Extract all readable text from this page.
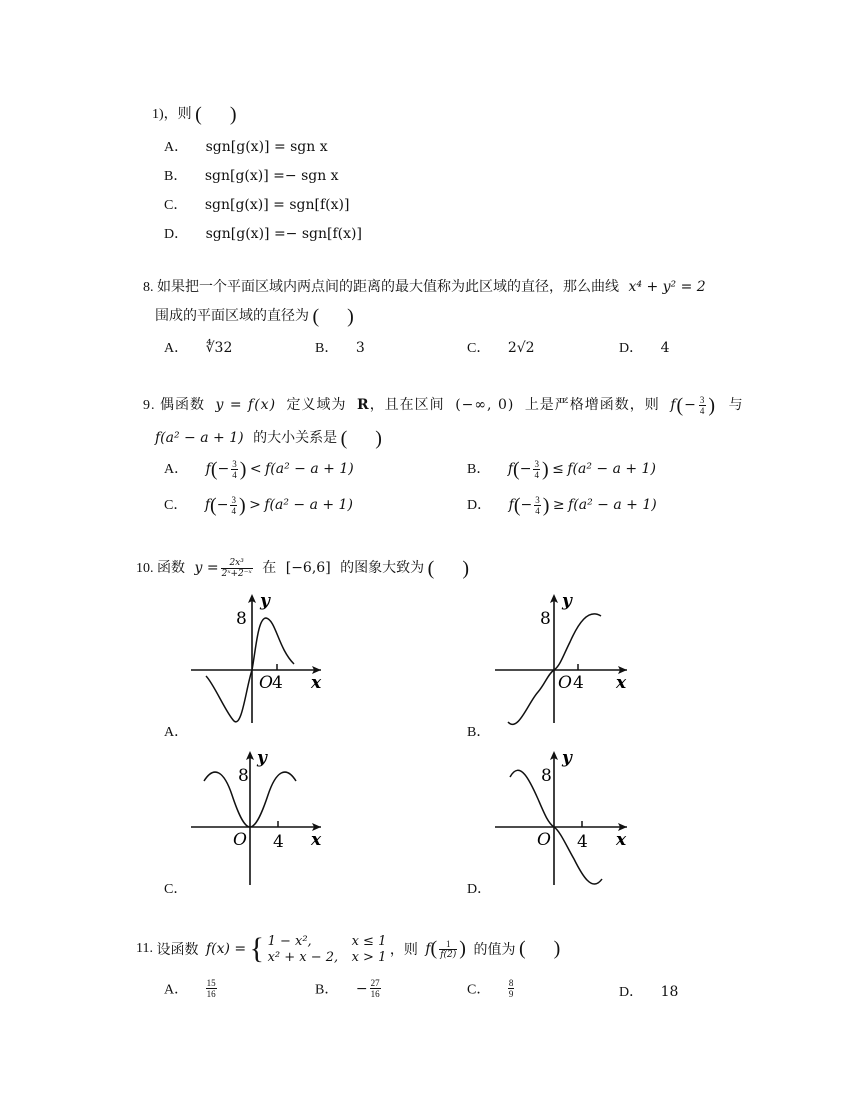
1)，则 ( )
A． sgn[g(x)] = sgn x
B． sgn[g(x)] =− sgn x
C． sgn[g(x)] = sgn[f(x)]
D． sgn[g(x)] =− sgn[f(x)]
8. 如果把一个平面区域内两点间的距离的最大值称为此区域的直径，那么曲线 x⁴ + y² = 2
围成的平面区域的直径为 ( )
A． ∜32	B． 3	C． 2√2	D． 4
9. 偶函数 y = f(x) 定义域为 R，且在区间 (−∞, 0) 上是严格增函数，则 $f(- \frac{3}{4}$ ) 与
f(a² − a + 1) 的大小关系是 ( )
A． $f(- \frac{3}{4}$ ) < f(a² − a + 1)	B． $f(- \frac{3}{4}$ ) ≤ f(a² − a + 1)
C． $f(- \frac{3}{4}$ ) > f(a² − a + 1)	D． $f(- \frac{3}{4}$ ) ≥ f(a² − a + 1)
10. 函数 $y = \frac{\text{2x³}}{\text{2ˣ+2⁻ˣ}}$ 在 [−6,6] 的图象大致为 ( )
A．
O 4 x
8
y
B．
O 4 x
8
y
C．
O 4 x
8
y
D．
O 4 x
8
y
11. 设函数 f(x) = { 1 − x²,	x ≤ 1
x² + x − 2, x > 1 ，则 $f( \frac{1}{f(2)}$ ) 的值为 ( )
A． $\frac{15}{16}$	B． − $\frac{27}{16}$	C． $\frac{8}{9}$	D． 18
